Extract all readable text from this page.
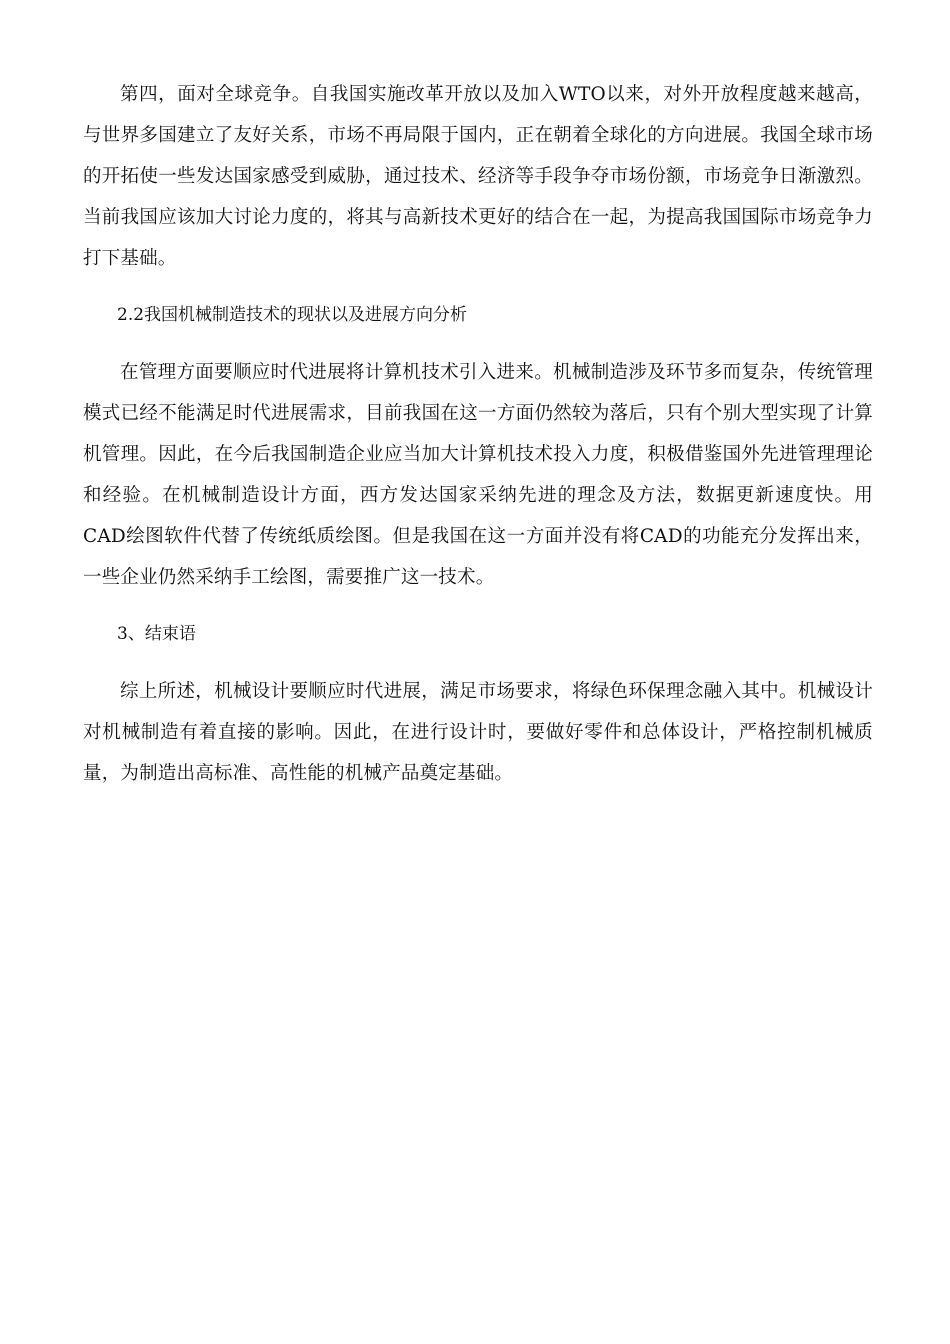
第四，面对全球竞争。自我国实施改革开放以及加入WTO以来，对外开放程度越来越高，与世界多国建立了友好关系，市场不再局限于国内，正在朝着全球化的方向进展。我国全球市场的开拓使一些发达国家感受到威胁，通过技术、经济等手段争夺市场份额，市场竞争日渐激烈。当前我国应该加大讨论力度的，将其与高新技术更好的结合在一起，为提高我国国际市场竞争力打下基础。

2.2我国机械制造技术的现状以及进展方向分析

在管理方面要顺应时代进展将计算机技术引入进来。机械制造涉及环节多而复杂，传统管理模式已经不能满足时代进展需求，目前我国在这一方面仍然较为落后，只有个别大型实现了计算机管理。因此，在今后我国制造企业应当加大计算机技术投入力度，积极借鉴国外先进管理理论和经验。在机械制造设计方面，西方发达国家采纳先进的理念及方法，数据更新速度快。用CAD绘图软件代替了传统纸质绘图。但是我国在这一方面并没有将CAD的功能充分发挥出来，一些企业仍然采纳手工绘图，需要推广这一技术。

3、结束语

综上所述，机械设计要顺应时代进展，满足市场要求，将绿色环保理念融入其中。机械设计对机械制造有着直接的影响。因此，在进行设计时，要做好零件和总体设计，严格控制机械质量，为制造出高标准、高性能的机械产品奠定基础。
